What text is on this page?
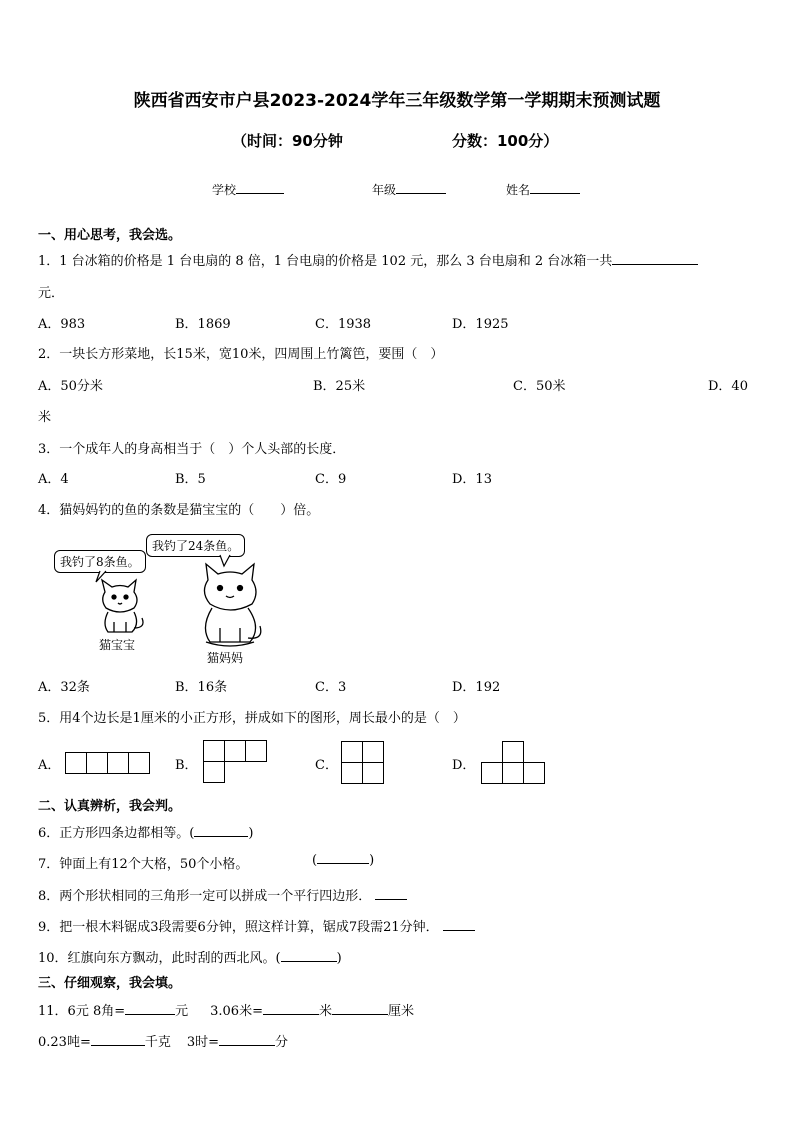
陕西省西安市户县2023-2024学年三年级数学第一学期期末预测试题
（时间：90分钟	分数：100分）
学校	年级	姓名
一、用心思考，我会选。
1．1 台冰箱的价格是 1 台电扇的 8 倍，1 台电扇的价格是 102 元，那么 3 台电扇和 2 台冰箱一共
元．
A．983	B．1869	C．1938	D．1925
2．一块长方形菜地，长15米，宽10米，四周围上竹篱笆，要围（　）
A．50分米	B．25米	C．50米	D．40
米
3．一个成年人的身高相当于（　）个人头部的长度．
A．4	B．5	C．9	D．13
4．猫妈妈钓的鱼的条数是猫宝宝的（　　）倍。
我钓了8条鱼。
我钓了24条鱼。
猫宝宝
猫妈妈
A．32条	B．16条	C．3	D．192
5．用4个边长是1厘米的小正方形，拼成如下的图形，周长最小的是（　）
A．	B．	C．	D．
二、认真辨析，我会判。
6．正方形四条边都相等。(	)
7．钟面上有12个大格，50个小格。	(	)
8．两个形状相同的三角形一定可以拼成一个平行四边形．
9．把一根木料锯成3段需要6分钟，照这样计算，锯成7段需21分钟．
10．红旗向东方飘动，此时刮的西北风。(	)
三、仔细观察，我会填。
11．6元 8角=	元 3.06米=	米	厘米
0.23吨=	千克 3时=	分
